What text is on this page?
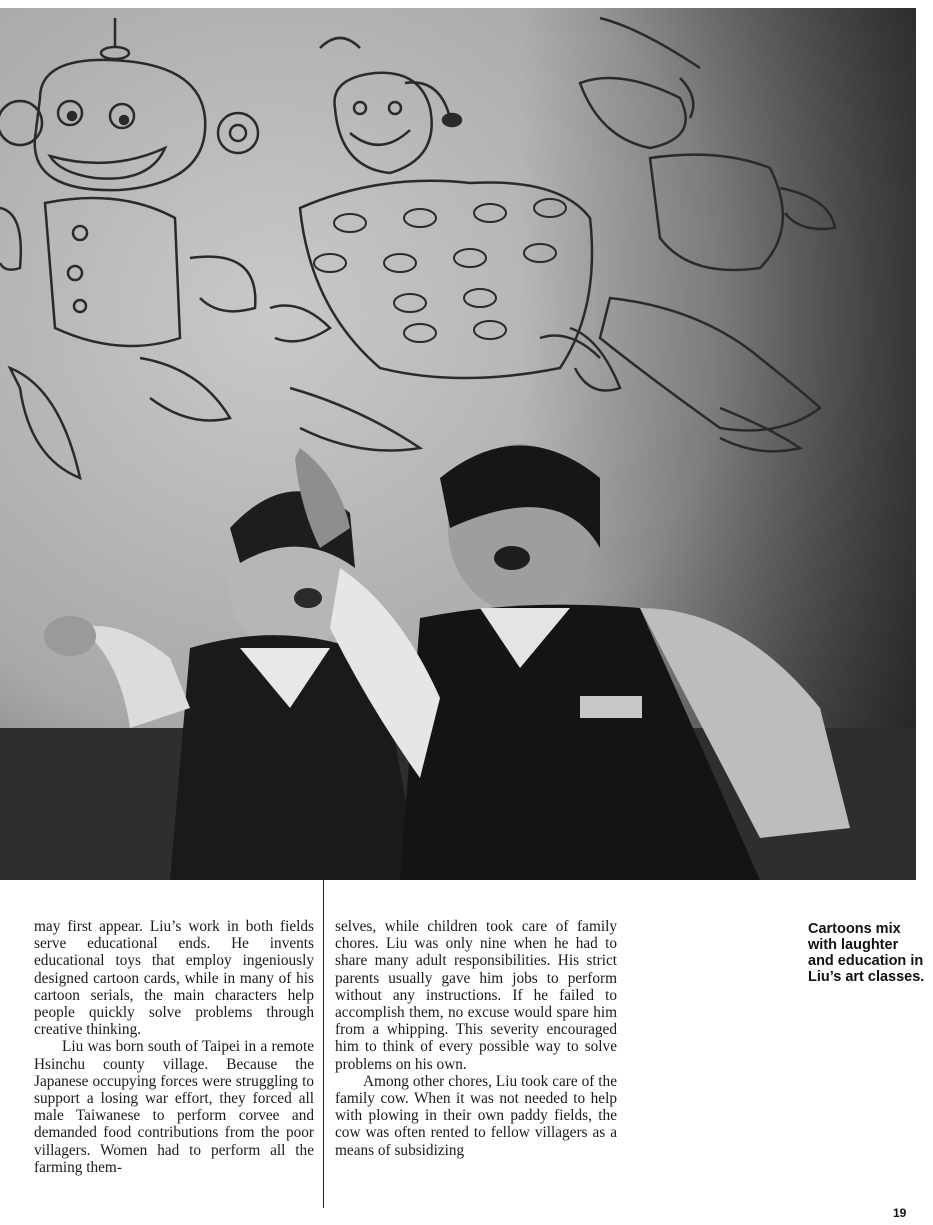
may first appear. Liu’s work in both fields serve educational ends. He invents educational toys that employ ingeniously designed cartoon cards, while in many of his cartoon serials, the main characters help people quickly solve problems through creative thinking.

Liu was born south of Taipei in a remote Hsinchu county village. Because the Japanese occupying forces were struggling to support a losing war effort, they forced all male Taiwanese to perform corvee and demanded food contributions from the poor villagers. Women had to perform all the farming them-

selves, while children took care of family chores. Liu was only nine when he had to share many adult responsibilities. His strict parents usually gave him jobs to perform without any instructions. If he failed to accomplish them, no excuse would spare him from a whipping. This severity encouraged him to think of every possible way to solve problems on his own.

Among other chores, Liu took care of the family cow. When it was not needed to help with plowing in their own paddy fields, the cow was often rented to fellow villagers as a means of subsidizing

Cartoons mix with laughter and education in Liu’s art classes.
19
